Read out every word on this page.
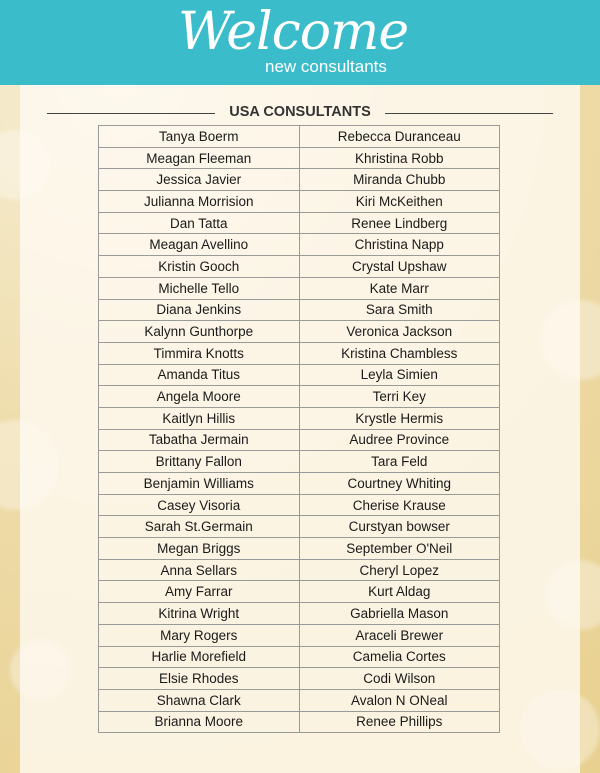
Welcome
new consultants
USA CONSULTANTS
Tanya Boerm	Rebecca Duranceau
Meagan Fleeman	Khristina Robb
Jessica Javier	Miranda Chubb
Julianna Morrision	Kiri McKeithen
Dan Tatta	Renee Lindberg
Meagan Avellino	Christina Napp
Kristin Gooch	Crystal Upshaw
Michelle Tello	Kate Marr
Diana Jenkins	Sara Smith
Kalynn Gunthorpe	Veronica Jackson
Timmira Knotts	Kristina Chambless
Amanda Titus	Leyla Simien
Angela Moore	Terri Key
Kaitlyn Hillis	Krystle Hermis
Tabatha Jermain	Audree Province
Brittany Fallon	Tara Feld
Benjamin Williams	Courtney Whiting
Casey Visoria	Cherise Krause
Sarah St.Germain	Curstyan bowser
Megan Briggs	September O'Neil
Anna Sellars	Cheryl Lopez
Amy Farrar	Kurt Aldag
Kitrina Wright	Gabriella Mason
Mary Rogers	Araceli Brewer
Harlie Morefield	Camelia Cortes
Elsie Rhodes	Codi Wilson
Shawna Clark	Avalon N ONeal
Brianna Moore	Renee Phillips
